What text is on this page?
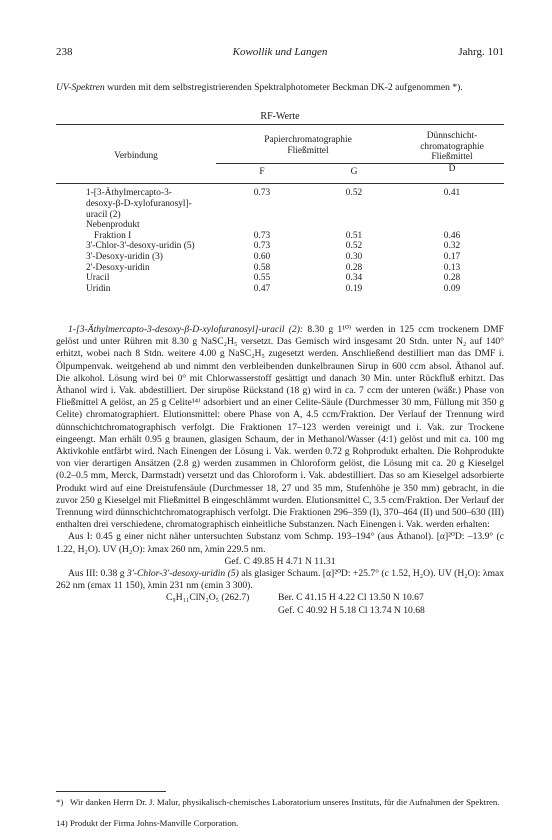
238	Kowollik und Langen	Jahrg. 101

UV-Spektren wurden mit dem selbstregistrierenden Spektralphotometer Beckman DK-2 aufgenommen *).

RF-Werte
Verbindung	Papierchromatographie Fließmittel		Dünnschicht-chromatographie Fließmittel

	F	G	D

1-[3-Äthylmercapto-3-	0.73	0.52	0.41
desoxy-β-D-xylofuranosyl]-			
uracil (2)			
Nebenprodukt			
Fraktion I	0.73	0.51	0.46
3'-Chlor-3'-desoxy-uridin (5)	0.73	0.52	0.32
3'-Desoxy-uridin (3)	0.60	0.30	0.17
2'-Desoxy-uridin	0.58	0.28	0.13
Uracil	0.55	0.34	0.28
Uridin	0.47	0.19	0.09

1-[3-Äthylmercapto-3-desoxy-β-D-xylofuranosyl]-uracil (2): 8.30 g 1¹⁰⁾ werden in 125 ccm trockenem DMF gelöst und unter Rühren mit 8.30 g NaSC₂H₅ versetzt. Das Gemisch wird insgesamt 20 Stdn. unter N₂ auf 140° erhitzt, wobei nach 8 Stdn. weitere 4.00 g NaSC₂H₅ zugesetzt werden. Anschließend destilliert man das DMF i. Ölpumpenvak. weitgehend ab und nimmt den verbleibenden dunkelbraunen Sirup in 600 ccm absol. Äthanol auf. Die alkohol. Lösung wird bei 0° mit Chlorwasserstoff gesättigt und danach 30 Min. unter Rückfluß erhitzt. Das Äthanol wird i. Vak. abdestilliert. Der sirupöse Rückstand (18 g) wird in ca. 7 ccm der unteren (wäßr.) Phase von Fließmittel A gelöst, an 25 g Celite¹⁴⁾ adsorbiert und an einer Celite-Säule (Durchmesser 30 mm, Füllung mit 350 g Celite) chromatographiert. Elutionsmittel: obere Phase von A, 4.5 ccm/Fraktion. Der Verlauf der Trennung wird dünnschichtchromatographisch verfolgt. Die Fraktionen 17–123 werden vereinigt und i. Vak. zur Trockene eingeengt. Man erhält 0.95 g braunen, glasigen Schaum, der in Methanol/Wasser (4:1) gelöst und mit ca. 100 mg Aktivkohle entfärbt wird. Nach Einengen der Lösung i. Vak. werden 0.72 g Rohprodukt erhalten. Die Rohprodukte von vier derartigen Ansätzen (2.8 g) werden zusammen in Chloroform gelöst, die Lösung mit ca. 20 g Kieselgel (0.2–0.5 mm, Merck, Darmstadt) versetzt und das Chloroform i. Vak. abdestilliert. Das so am Kieselgel adsorbierte Produkt wird auf eine Dreistufensäule (Durchmesser 18, 27 und 35 mm, Stufenhöhe je 350 mm) gebracht, in die zuvor 250 g Kieselgel mit Fließmittel B eingeschlämmt wurden. Elutionsmittel C, 3.5 ccm/Fraktion. Der Verlauf der Trennung wird dünnschichtchromatographisch verfolgt. Die Fraktionen 296–359 (I), 370–464 (II) und 500–630 (III) enthalten drei verschiedene, chromatographisch einheitliche Substanzen. Nach Einengen i. Vak. werden erhalten:

Aus I: 0.45 g einer nicht näher untersuchten Substanz vom Schmp. 193–194° (aus Äthanol). [α]²⁰D: –13.9° (c 1.22, H₂O). UV (H₂O): λmax 260 nm, λmin 229.5 nm.

Gef. C 49.85 H 4.71 N 11.31

Aus III: 0.38 g 3'-Chlor-3'-desoxy-uridin (5) als glasiger Schaum. [α]²⁰D: +25.7° (c 1.52, H₂O). UV (H₂O): λmax 262 nm (εmax 11 150), λmin 231 nm (εmin 3 300).

C₉H₁₁ClN₂O₅ (262.7)	Ber. C 41.15 H 4.22 Cl 13.50 N 10.67
Gef. C 40.92 H 5.18 Cl 13.74 N 10.68
*) Wir danken Herrn Dr. J. Malur, physikalisch-chemisches Laboratorium unseres Instituts, für die Aufnahmen der Spektren.
14) Produkt der Firma Johns-Manville Corporation.
